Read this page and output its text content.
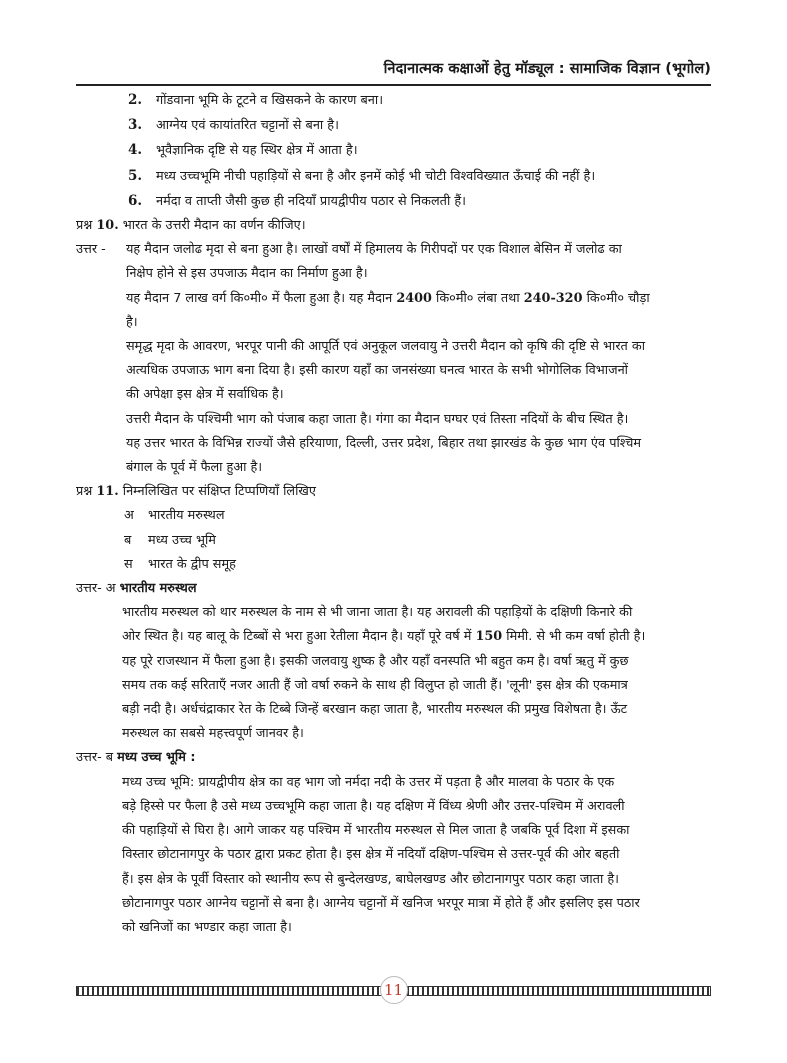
निदानात्मक कक्षाओं हेतु मॉड्यूल : सामाजिक विज्ञान (भूगोल)
2. गोंडवाना भूमि के टूटने व खिसकने के कारण बना।
3. आग्नेय एवं कायांतरित चट्टानों से बना है।
4. भूवैज्ञानिक दृष्टि से यह स्थिर क्षेत्र में आता है।
5. मध्य उच्चभूमि नीची पहाड़ियों से बना है और इनमें कोई भी चोटी विश्वविख्यात ऊँचाई की नहीं है।
6. नर्मदा व ताप्ती जैसी कुछ ही नदियाँ प्रायद्वीपीय पठार से निकलती हैं।
प्रश्न 10. भारत के उत्तरी मैदान का वर्णन कीजिए।
उत्तर -	यह मैदान जलोढ मृदा से बना हुआ है। लाखों वर्षों में हिमालय के गिरीपदों पर एक विशाल बेसिन में जलोढ का
निक्षेप होने से इस उपजाऊ मैदान का निर्माण हुआ है।
यह मैदान 7 लाख वर्ग कि०मी० में फैला हुआ है। यह मैदान 2400 कि०मी० लंबा तथा 240-320 कि०मी० चौड़ा
है।
समृद्ध मृदा के आवरण, भरपूर पानी की आपूर्ति एवं अनुकूल जलवायु ने उत्तरी मैदान को कृषि की दृष्टि से भारत का
अत्यधिक उपजाऊ भाग बना दिया है। इसी कारण यहाँ का जनसंख्या घनत्व भारत के सभी भोगोलिक विभाजनों
की अपेक्षा इस क्षेत्र में सर्वाधिक है।
उत्तरी मैदान के पश्चिमी भाग को पंजाब कहा जाता है। गंगा का मैदान घग्घर एवं तिस्ता नदियों के बीच स्थित है।
यह उत्तर भारत के विभिन्न राज्यों जैसे हरियाणा, दिल्ली, उत्तर प्रदेश, बिहार तथा झारखंड के कुछ भाग एंव पश्चिम
बंगाल के पूर्व में फैला हुआ है।
प्रश्न 11. निम्नलिखित पर संक्षिप्त टिप्पणियाँ लिखिए
अ भारतीय मरुस्थल
ब मध्य उच्च भूमि
स भारत के द्वीप समूह
उत्तर- अ भारतीय मरुस्थल
भारतीय मरुस्थल को थार मरुस्थल के नाम से भी जाना जाता है। यह अरावली की पहाड़ियों के दक्षिणी किनारे की
ओर स्थित है। यह बालू के टिब्बों से भरा हुआ रेतीला मैदान है। यहाँ पूरे वर्ष में 150 मिमी. से भी कम वर्षा होती है।
यह पूरे राजस्थान में फैला हुआ है। इसकी जलवायु शुष्क है और यहाँ वनस्पति भी बहुत कम है। वर्षा ऋतु में कुछ
समय तक कई सरिताएँ नजर आती हैं जो वर्षा रुकने के साथ ही विलुप्त हो जाती हैं। 'लूनी' इस क्षेत्र की एकमात्र
बड़ी नदी है। अर्धचंद्राकार रेत के टिब्बे जिन्हें बरखान कहा जाता है, भारतीय मरुस्थल की प्रमुख विशेषता है। ऊँट
मरुस्थल का सबसे महत्त्वपूर्ण जानवर है।
उत्तर- ब मध्य उच्च भूमि :
मध्य उच्च भूमि: प्रायद्वीपीय क्षेत्र का वह भाग जो नर्मदा नदी के उत्तर में पड़ता है और मालवा के पठार के एक
बड़े हिस्से पर फैला है उसे मध्य उच्चभूमि कहा जाता है। यह दक्षिण में विंध्य श्रेणी और उत्तर-पश्चिम में अरावली
की पहाड़ियों से घिरा है। आगे जाकर यह पश्चिम में भारतीय मरुस्थल से मिल जाता है जबकि पूर्व दिशा में इसका
विस्तार छोटानागपुर के पठार द्वारा प्रकट होता है। इस क्षेत्र में नदियाँ दक्षिण-पश्चिम से उत्तर-पूर्व की ओर बहती
हैं। इस क्षेत्र के पूर्वी विस्तार को स्थानीय रूप से बुन्देलखण्ड, बाघेलखण्ड और छोटानागपुर पठार कहा जाता है।
छोटानागपुर पठार आग्नेय चट्टानों से बना है। आग्नेय चट्टानों में खनिज भरपूर मात्रा में होते हैं और इसलिए इस पठार
को खनिजों का भण्डार कहा जाता है।
11
